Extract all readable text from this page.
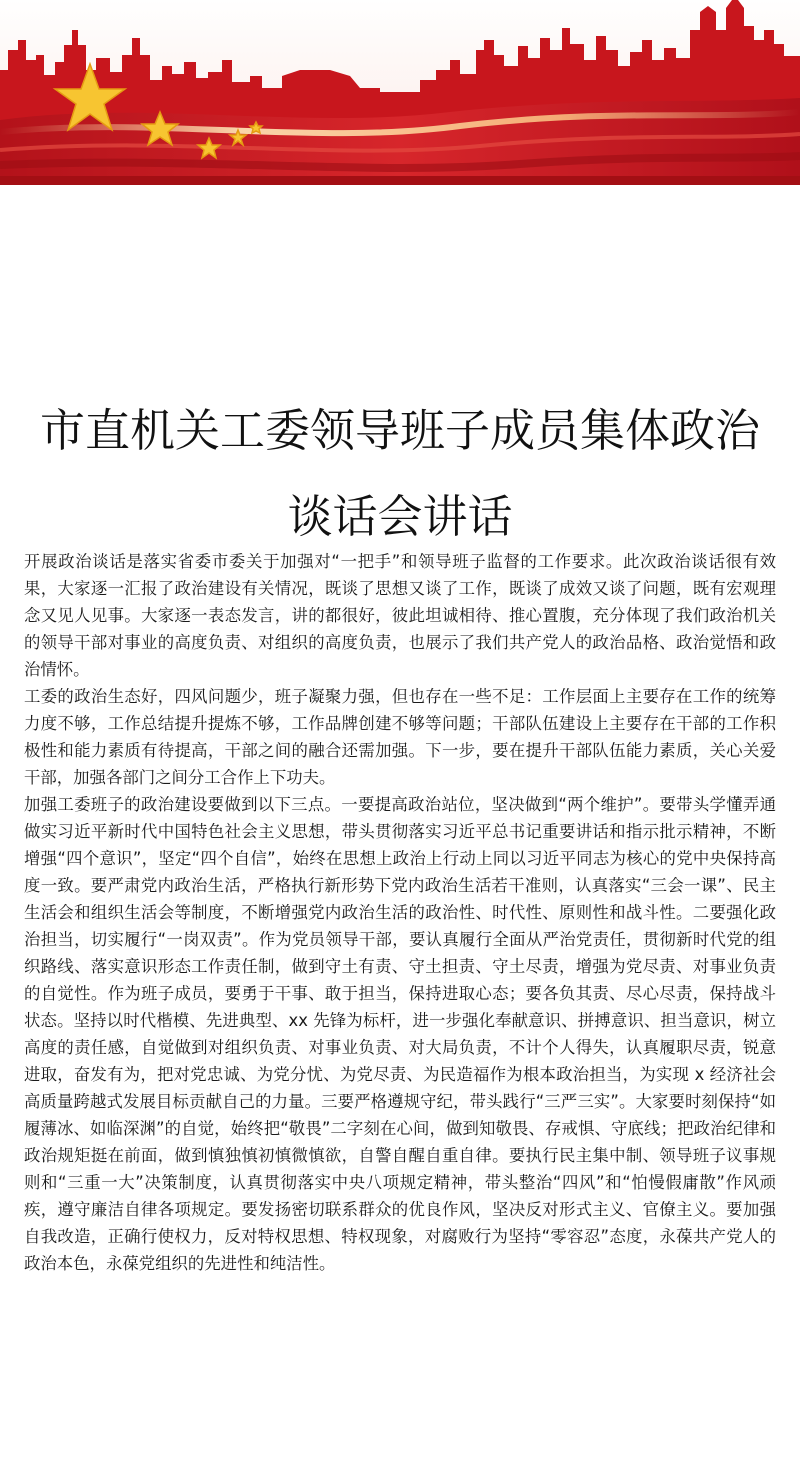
市直机关工委领导班子成员集体政治谈话会讲话

开展政治谈话是落实省委市委关于加强对“一把手”和领导班子监督的工作要求。此次政治谈话很有效果，大家逐一汇报了政治建设有关情况，既谈了思想又谈了工作，既谈了成效又谈了问题，既有宏观理念又见人见事。大家逐一表态发言，讲的都很好，彼此坦诚相待、推心置腹，充分体现了我们政治机关的领导干部对事业的高度负责、对组织的高度负责，也展示了我们共产党人的政治品格、政治觉悟和政治情怀。

工委的政治生态好，四风问题少，班子凝聚力强，但也存在一些不足：工作层面上主要存在工作的统筹力度不够，工作总结提升提炼不够，工作品牌创建不够等问题；干部队伍建设上主要存在干部的工作积极性和能力素质有待提高，干部之间的融合还需加强。下一步，要在提升干部队伍能力素质，关心关爱干部，加强各部门之间分工合作上下功夫。

加强工委班子的政治建设要做到以下三点。一要提高政治站位，坚决做到“两个维护”。要带头学懂弄通做实习近平新时代中国特色社会主义思想，带头贯彻落实习近平总书记重要讲话和指示批示精神，不断增强“四个意识”，坚定“四个自信”，始终在思想上政治上行动上同以习近平同志为核心的党中央保持高度一致。要严肃党内政治生活，严格执行新形势下党内政治生活若干准则，认真落实“三会一课”、民主生活会和组织生活会等制度，不断增强党内政治生活的政治性、时代性、原则性和战斗性。二要强化政治担当，切实履行“一岗双责”。作为党员领导干部，要认真履行全面从严治党责任，贯彻新时代党的组织路线、落实意识形态工作责任制，做到守土有责、守土担责、守土尽责，增强为党尽责、对事业负责的自觉性。作为班子成员，要勇于干事、敢于担当，保持进取心态；要各负其责、尽心尽责，保持战斗状态。坚持以时代楷模、先进典型、xx 先锋为标杆，进一步强化奉献意识、拼搏意识、担当意识，树立高度的责任感，自觉做到对组织负责、对事业负责、对大局负责，不计个人得失，认真履职尽责，锐意进取，奋发有为，把对党忠诚、为党分忧、为党尽责、为民造福作为根本政治担当，为实现 x 经济社会高质量跨越式发展目标贡献自己的力量。三要严格遵规守纪，带头践行“三严三实”。大家要时刻保持“如履薄冰、如临深渊”的自觉，始终把“敬畏”二字刻在心间，做到知敬畏、存戒惧、守底线；把政治纪律和政治规矩挺在前面，做到慎独慎初慎微慎欲，自警自醒自重自律。要执行民主集中制、领导班子议事规则和“三重一大”决策制度，认真贯彻落实中央八项规定精神，带头整治“四风”和“怕慢假庸散”作风顽疾，遵守廉洁自律各项规定。要发扬密切联系群众的优良作风，坚决反对形式主义、官僚主义。要加强自我改造，正确行使权力，反对特权思想、特权现象，对腐败行为坚持“零容忍”态度，永葆共产党人的政治本色，永葆党组织的先进性和纯洁性。
